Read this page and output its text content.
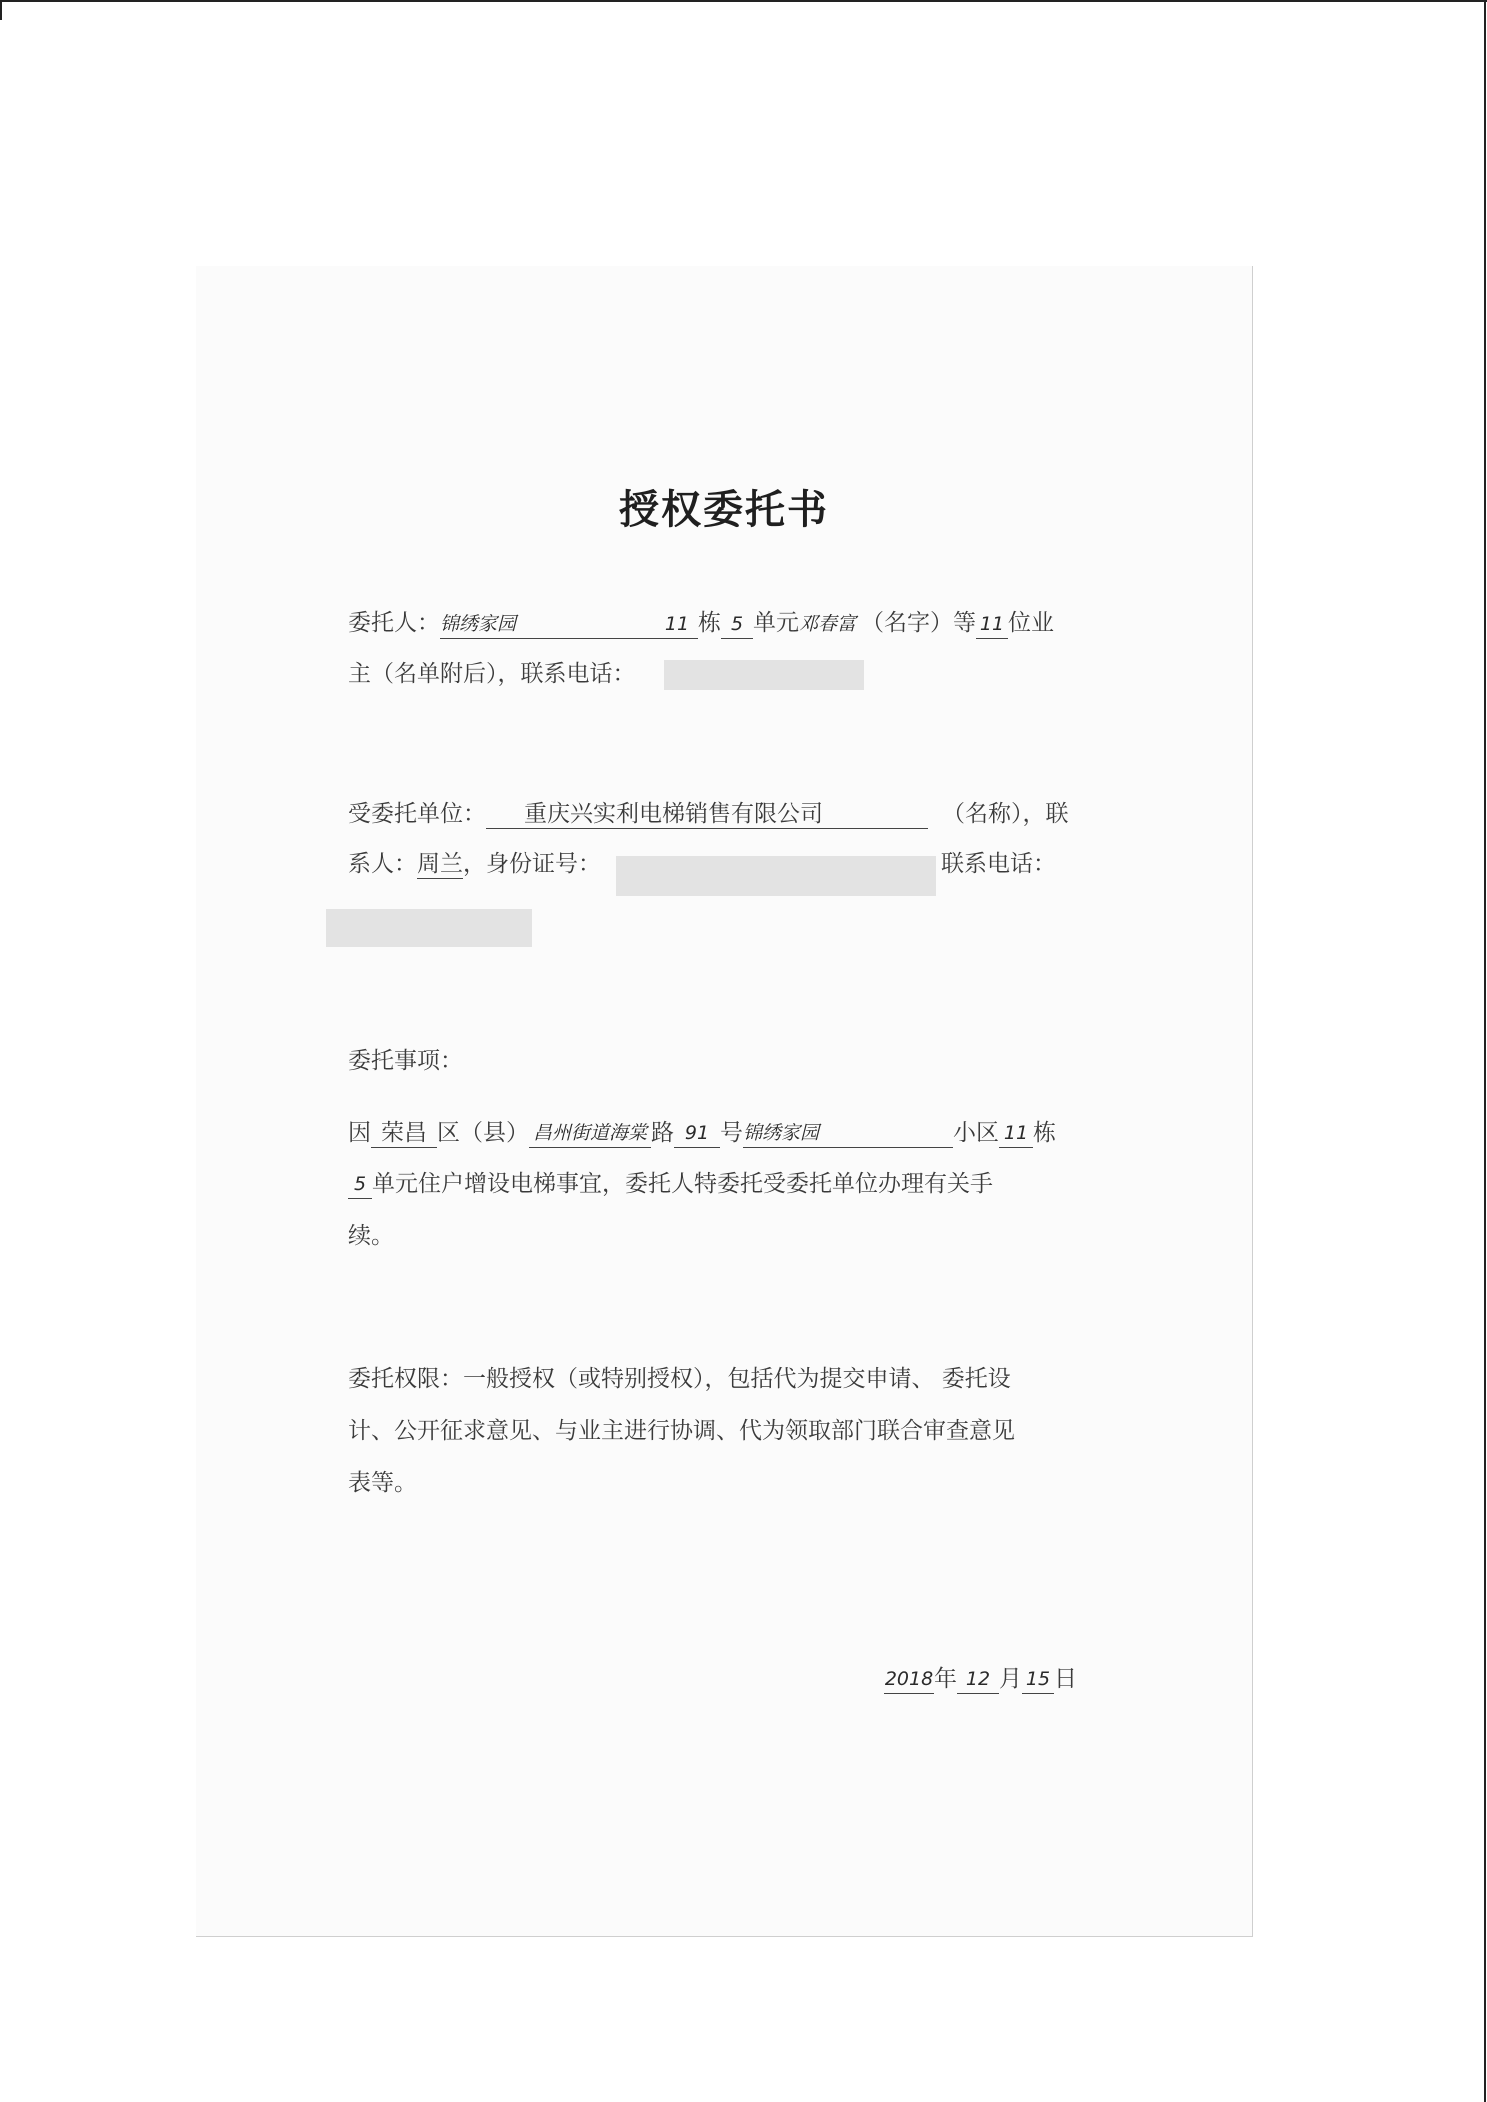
授权委托书
委托人：锦绣家园	11 栋 5 单元邓春富 （名字）等 11 位业
主（名单附后），联系电话：
受委托单位： 重庆兴实利电梯销售有限公司	（名称），联
系人：周兰，身份证号：	联系电话：
委托事项：
因 荣昌 区（县） 昌州街道海棠 路 91 号锦绣家园	小区 11 栋
5 单元住户增设电梯事宜，委托人特委托受委托单位办理有关手
续。
委托权限：一般授权（或特别授权），包括代为提交申请、 委托设
计、公开征求意见、与业主进行协调、代为领取部门联合审查意见
表等。
2018年 12 月 15 日
